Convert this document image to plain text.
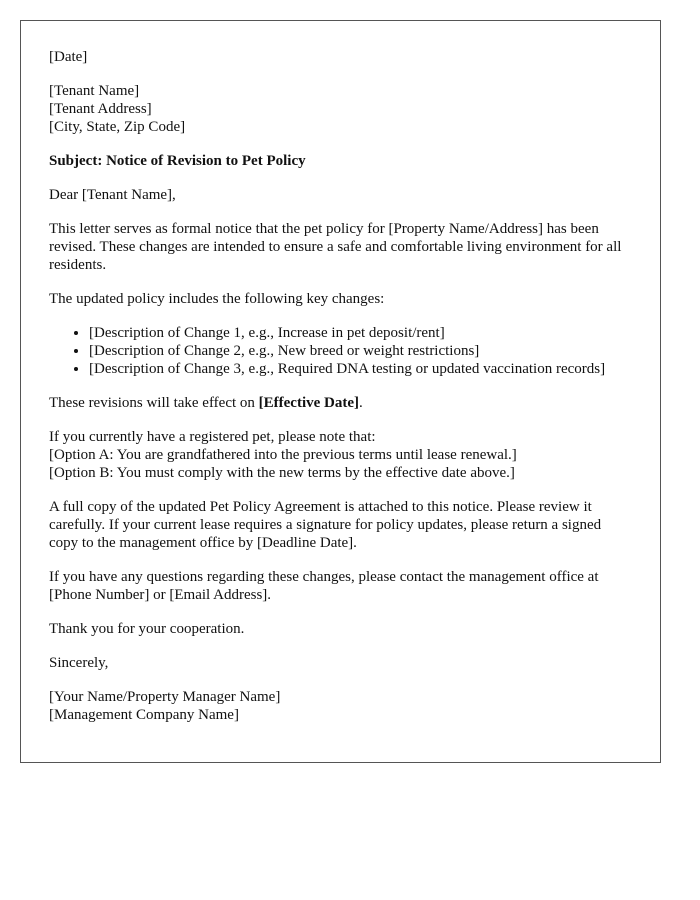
[Date]

[Tenant Name]
[Tenant Address]
[City, State, Zip Code]

Subject: Notice of Revision to Pet Policy

Dear [Tenant Name],

This letter serves as formal notice that the pet policy for [Property Name/Address] has been revised. These changes are intended to ensure a safe and comfortable living environment for all residents.

The updated policy includes the following key changes:

• [Description of Change 1, e.g., Increase in pet deposit/rent]
• [Description of Change 2, e.g., New breed or weight restrictions]
• [Description of Change 3, e.g., Required DNA testing or updated vaccination records]

These revisions will take effect on [Effective Date].

If you currently have a registered pet, please note that:
[Option A: You are grandfathered into the previous terms until lease renewal.]
[Option B: You must comply with the new terms by the effective date above.]

A full copy of the updated Pet Policy Agreement is attached to this notice. Please review it carefully. If your current lease requires a signature for policy updates, please return a signed copy to the management office by [Deadline Date].

If you have any questions regarding these changes, please contact the management office at [Phone Number] or [Email Address].

Thank you for your cooperation.

Sincerely,

[Your Name/Property Manager Name]
[Management Company Name]
